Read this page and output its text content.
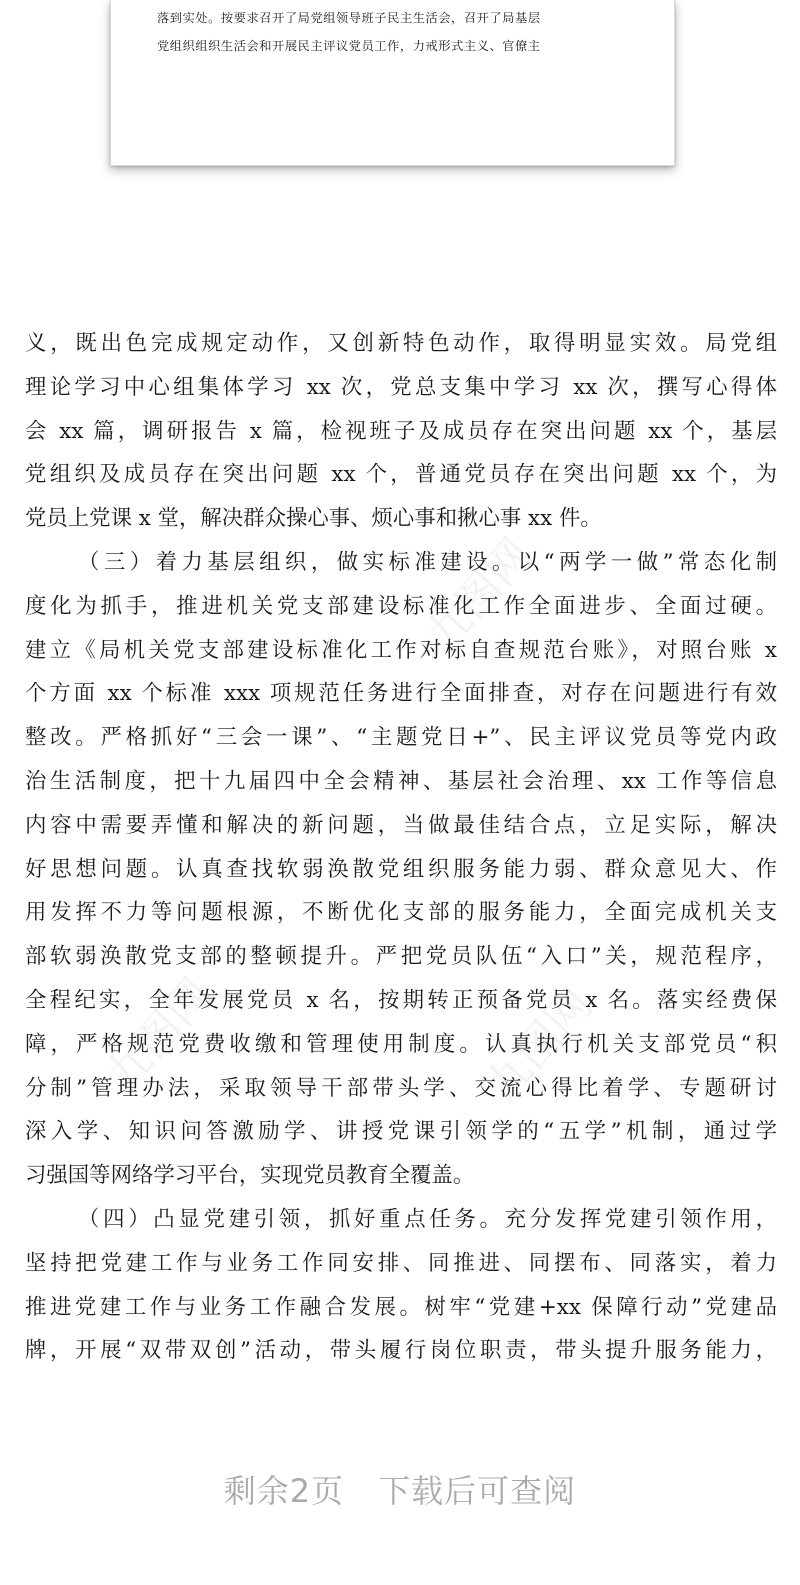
落到实处。按要求召开了局党组领导班子民主生活会，召开了局基层
党组织组织生活会和开展民主评议党员工作，力戒形式主义、官僚主
九图网
九图网	九图网
义，既出色完成规定动作，又创新特色动作，取得明显实效。局党组
理论学习中心组集体学习 xx 次，党总支集中学习 xx 次，撰写心得体
会 xx 篇，调研报告 x 篇，检视班子及成员存在突出问题 xx 个，基层
党组织及成员存在突出问题 xx 个，普通党员存在突出问题 xx 个，为
党员上党课 x 堂，解决群众操心事、烦心事和揪心事 xx 件。
（三）着力基层组织，做实标准建设。以“两学一做”常态化制
度化为抓手，推进机关党支部建设标准化工作全面进步、全面过硬。
建立《局机关党支部建设标准化工作对标自查规范台账》，对照台账 x
个方面 xx 个标准 xxx 项规范任务进行全面排查，对存在问题进行有效
整改。严格抓好“三会一课”、“主题党日+”、民主评议党员等党内政
治生活制度，把十九届四中全会精神、基层社会治理、xx 工作等信息
内容中需要弄懂和解决的新问题，当做最佳结合点，立足实际，解决
好思想问题。认真查找软弱涣散党组织服务能力弱、群众意见大、作
用发挥不力等问题根源，不断优化支部的服务能力，全面完成机关支
部软弱涣散党支部的整顿提升。严把党员队伍“入口”关，规范程序，
全程纪实，全年发展党员 x 名，按期转正预备党员 x 名。落实经费保
障，严格规范党费收缴和管理使用制度。认真执行机关支部党员“积
分制”管理办法，采取领导干部带头学、交流心得比着学、专题研讨
深入学、知识问答激励学、讲授党课引领学的“五学”机制，通过学
习强国等网络学习平台，实现党员教育全覆盖。
（四）凸显党建引领，抓好重点任务。充分发挥党建引领作用，
坚持把党建工作与业务工作同安排、同推进、同摆布、同落实，着力
推进党建工作与业务工作融合发展。树牢“党建+xx 保障行动”党建品
牌，开展“双带双创”活动，带头履行岗位职责，带头提升服务能力，
剩余2页 下载后可查阅
